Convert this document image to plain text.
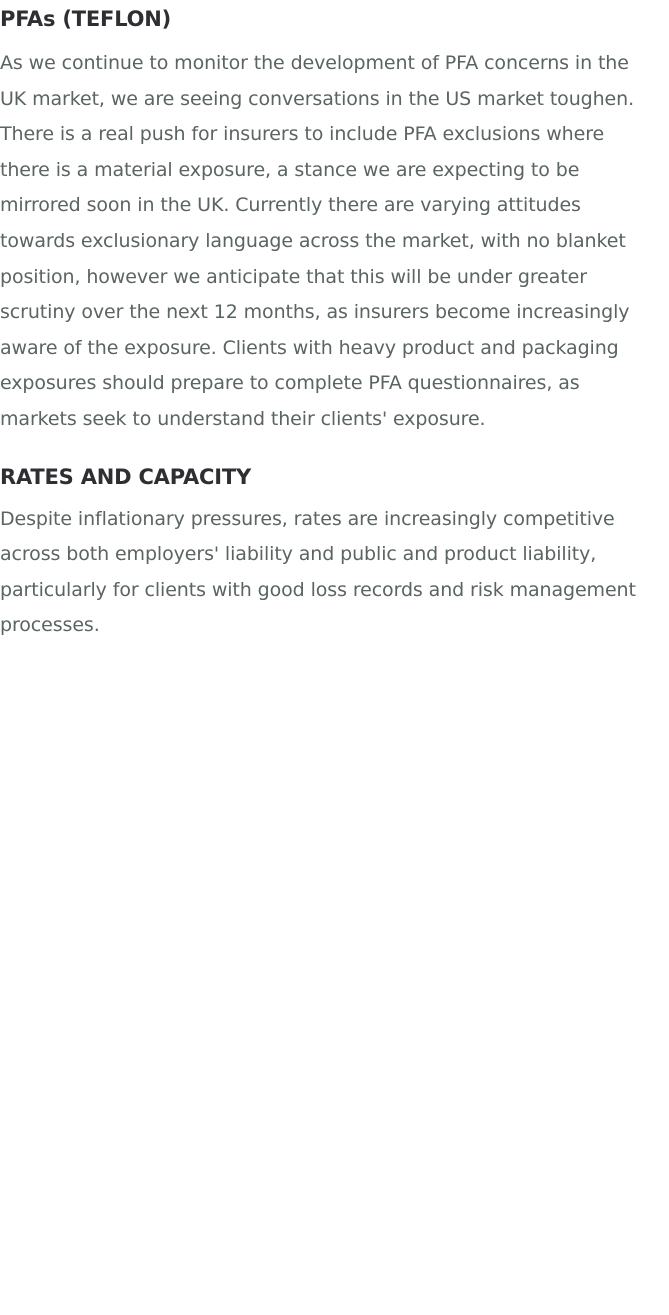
PFAs (TEFLON)

As we continue to monitor the development of PFA concerns in the UK market, we are seeing conversations in the US market toughen. There is a real push for insurers to include PFA exclusions where there is a material exposure, a stance we are expecting to be mirrored soon in the UK. Currently there are varying attitudes towards exclusionary language across the market, with no blanket position, however we anticipate that this will be under greater scrutiny over the next 12 months, as insurers become increasingly aware of the exposure. Clients with heavy product and packaging exposures should prepare to complete PFA questionnaires, as markets seek to understand their clients' exposure.

RATES AND CAPACITY

Despite inflationary pressures, rates are increasingly competitive across both employers' liability and public and product liability, particularly for clients with good loss records and risk management processes.
